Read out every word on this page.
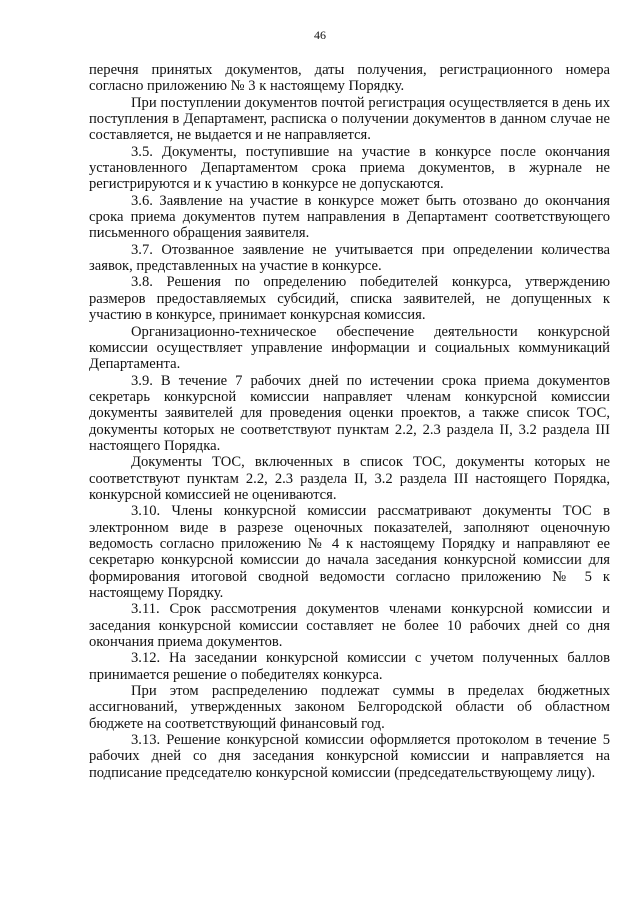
46

перечня принятых документов, даты получения, регистрационного номера согласно приложению № 3 к настоящему Порядку.

При поступлении документов почтой регистрация осуществляется в день их поступления в Департамент, расписка о получении документов в данном случае не составляется, не выдается и не направляется.

3.5. Документы, поступившие на участие в конкурсе после окончания установленного Департаментом срока приема документов, в журнале не регистрируются и к участию в конкурсе не допускаются.

3.6. Заявление на участие в конкурсе может быть отозвано до окончания срока приема документов путем направления в Департамент соответствующего письменного обращения заявителя.

3.7. Отозванное заявление не учитывается при определении количества заявок, представленных на участие в конкурсе.

3.8. Решения по определению победителей конкурса, утверждению размеров предоставляемых субсидий, списка заявителей, не допущенных к участию в конкурсе, принимает конкурсная комиссия.

Организационно-техническое обеспечение деятельности конкурсной комиссии осуществляет управление информации и социальных коммуникаций Департамента.

3.9. В течение 7 рабочих дней по истечении срока приема документов секретарь конкурсной комиссии направляет членам конкурсной комиссии документы заявителей для проведения оценки проектов, а также список ТОС, документы которых не соответствуют пунктам 2.2, 2.3 раздела II, 3.2 раздела III настоящего Порядка.

Документы ТОС, включенных в список ТОС, документы которых не соответствуют пунктам 2.2, 2.3 раздела II, 3.2 раздела III настоящего Порядка, конкурсной комиссией не оцениваются.

3.10. Члены конкурсной комиссии рассматривают документы ТОС в электронном виде в разрезе оценочных показателей, заполняют оценочную ведомость согласно приложению № 4 к настоящему Порядку и направляют ее секретарю конкурсной комиссии до начала заседания конкурсной комиссии для формирования итоговой сводной ведомости согласно приложению № 5 к настоящему Порядку.

3.11. Срок рассмотрения документов членами конкурсной комиссии и заседания конкурсной комиссии составляет не более 10 рабочих дней со дня окончания приема документов.

3.12. На заседании конкурсной комиссии с учетом полученных баллов принимается решение о победителях конкурса.

При этом распределению подлежат суммы в пределах бюджетных ассигнований, утвержденных законом Белгородской области об областном бюджете на соответствующий финансовый год.

3.13. Решение конкурсной комиссии оформляется протоколом в течение 5 рабочих дней со дня заседания конкурсной комиссии и направляется на подписание председателю конкурсной комиссии (председательствующему лицу).
